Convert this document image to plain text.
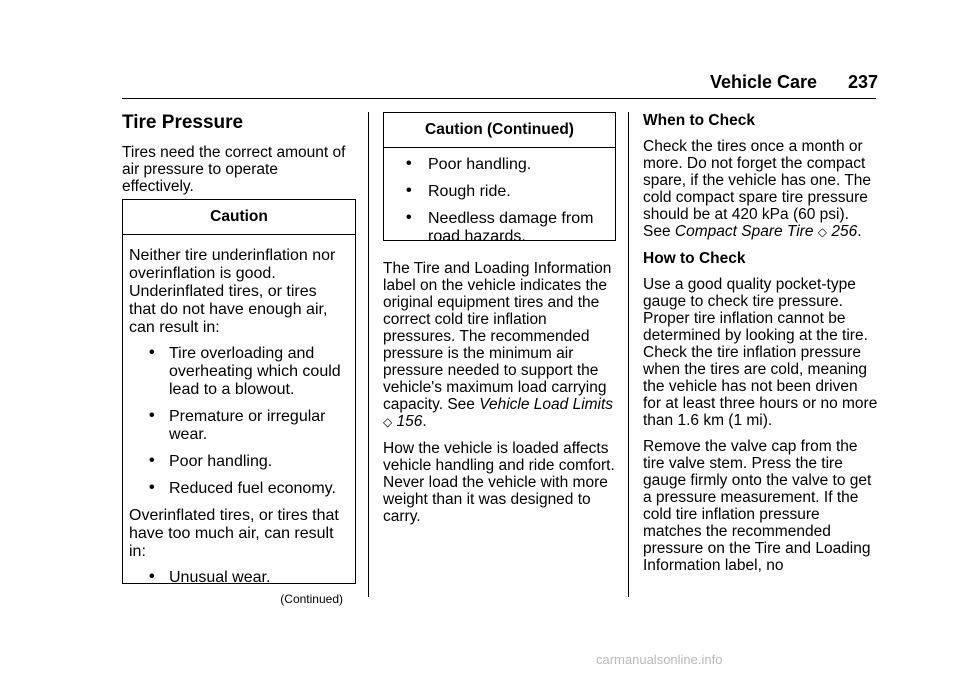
Vehicle Care 237
Tire Pressure

Tires need the correct amount of air pressure to operate effectively.

Caution

Neither tire underinflation nor overinflation is good. Underinflated tires, or tires that do not have enough air, can result in:

• Tire overloading and overheating which could lead to a blowout.
• Premature or irregular wear.
• Poor handling.
• Reduced fuel economy.

Overinflated tires, or tires that have too much air, can result in:

• Unusual wear.
(Continued)
Caution (Continued)
• Poor handling.
• Rough ride.
• Needless damage from road hazards.

The Tire and Loading Information label on the vehicle indicates the original equipment tires and the correct cold tire inflation pressures. The recommended pressure is the minimum air pressure needed to support the vehicle's maximum load carrying capacity. See Vehicle Load Limits ◇ 156.

How the vehicle is loaded affects vehicle handling and ride comfort. Never load the vehicle with more weight than it was designed to carry.

When to Check

Check the tires once a month or more. Do not forget the compact spare, if the vehicle has one. The cold compact spare tire pressure should be at 420 kPa (60 psi). See Compact Spare Tire ◇ 256.

How to Check

Use a good quality pocket-type gauge to check tire pressure. Proper tire inflation cannot be determined by looking at the tire. Check the tire inflation pressure when the tires are cold, meaning the vehicle has not been driven for at least three hours or no more than 1.6 km (1 mi).

Remove the valve cap from the tire valve stem. Press the tire gauge firmly onto the valve to get a pressure measurement. If the cold tire inflation pressure matches the recommended pressure on the Tire and Loading Information label, no

carmanualsonline.info
